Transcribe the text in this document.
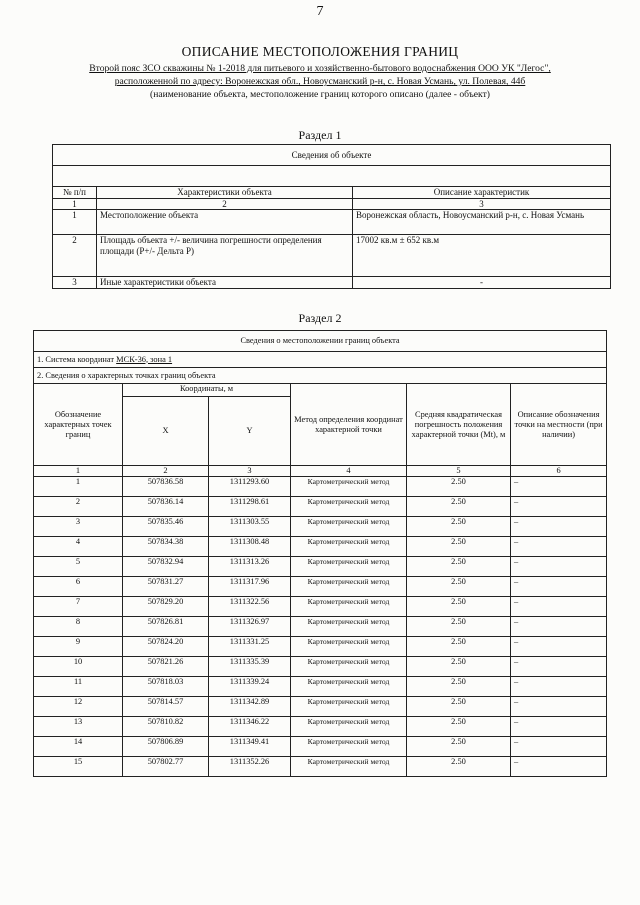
7
ОПИСАНИЕ МЕСТОПОЛОЖЕНИЯ ГРАНИЦ
Второй пояс ЗСО скважины № 1-2018 для питьевого и хозяйственно-бытового водоснабжения ООО УК "Легос",
расположенной по адресу: Воронежская обл., Новоусманский р-н, с. Новая Усмань, ул. Полевая, 44б
(наименование объекта, местоположение границ которого описано (далее - объект)
Раздел 1
Сведения об объекте		

№ п/п	Характеристики объекта	Описание характеристик
1	2	3
1	Местоположение объекта	Воронежская область, Новоусманский р-н, с. Новая Усмань
2	Площадь объекта +/- величина погрешности определения площади (P+/- Дельта P)	17002 кв.м ± 652 кв.м
3	Иные характеристики объекта	-
Раздел 2
Сведения о местоположении границ объекта					
1. Система координат МСК-36, зона 1					
2. Сведения о характерных точках границ объекта					
Обозначение характерных точек границ	Координаты, м		Метод определения координат характерной точки	Средняя квадратическая погрешность положения характерной точки (Mt), м	Описание обозначения точки на местности (при наличии)
	X	Y			
1	2	3	4	5	6
1	507836.58	1311293.60	Картометрический метод	2.50	–
2	507836.14	1311298.61	Картометрический метод	2.50	–
3	507835.46	1311303.55	Картометрический метод	2.50	–
4	507834.38	1311308.48	Картометрический метод	2.50	–
5	507832.94	1311313.26	Картометрический метод	2.50	–
6	507831.27	1311317.96	Картометрический метод	2.50	–
7	507829.20	1311322.56	Картометрический метод	2.50	–
8	507826.81	1311326.97	Картометрический метод	2.50	–
9	507824.20	1311331.25	Картометрический метод	2.50	–
10	507821.26	1311335.39	Картометрический метод	2.50	–
11	507818.03	1311339.24	Картометрический метод	2.50	–
12	507814.57	1311342.89	Картометрический метод	2.50	–
13	507810.82	1311346.22	Картометрический метод	2.50	–
14	507806.89	1311349.41	Картометрический метод	2.50	–
15	507802.77	1311352.26	Картометрический метод	2.50	–
